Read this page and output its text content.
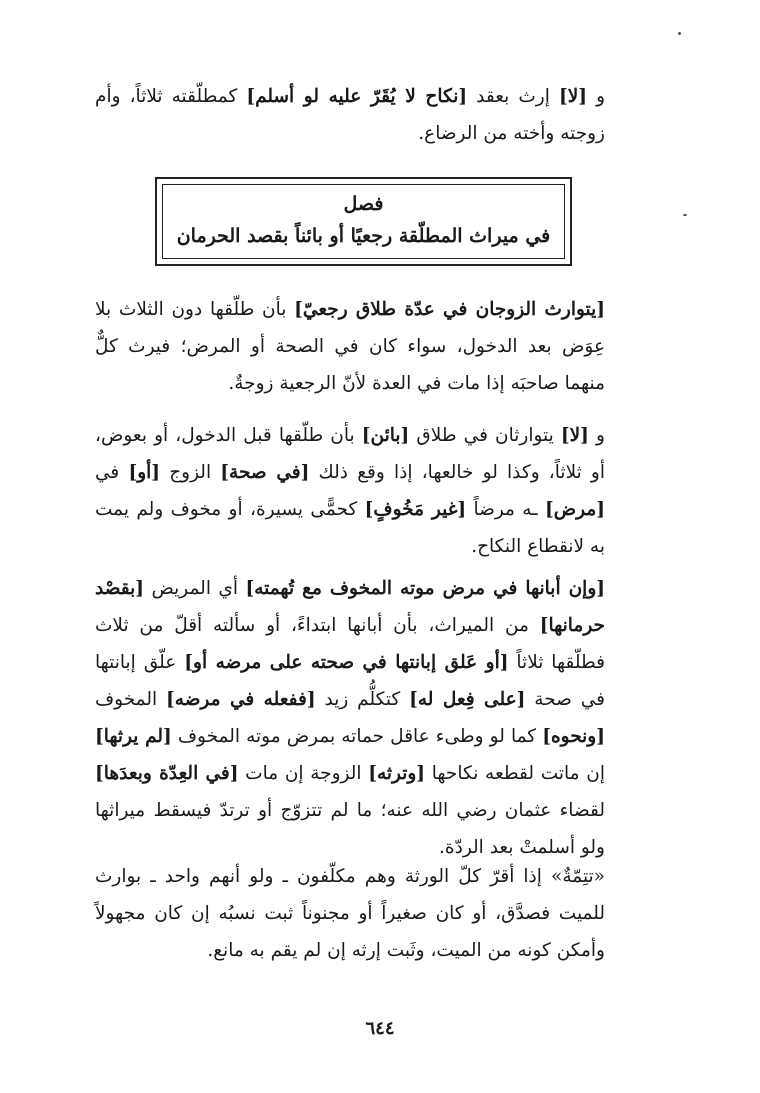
و [لا] إرث بعقد [نكاح لا يُقَرّ عليه لو أسلم] كمطلّقته ثلاثاً، وأم زوجته وأخته من الرضاع.
فصل
في ميراث المطلّقة رجعيًا أو بائناً بقصد الحرمان
[يتوارث الزوجان في عدّة طلاق رجعيّ] بأن طلّقها دون الثلاث بلا عِوَض بعد الدخول، سواء كان في الصحة أو المرض؛ فيرث كلٌّ منهما صاحبَه إذا مات في العدة لأنّ الرجعية زوجةٌ.
و [لا] يتوارثان في طلاق [بائن] بأن طلّقها قبل الدخول، أو بعوض، أو ثلاثاً، وكذا لو خالعها، إذا وقع ذلك [في صحة] الزوج [أو] في [مرض] ـه مرضاً [غير مَخُوفٍ] كحمًّى يسيرة، أو مخوف ولم يمت به لانقطاع النكاح.
[وإن أبانها في مرض موته المخوف مع تُهمته] أي المريض [بقصْد حرمانها] من الميراث، بأن أبانها ابتداءً، أو سألته أقلّ من ثلاث فطلّقها ثلاثاً [أو عَلق إبانتها في صحته على مرضه أو] علّق إبانتها في صحة [على فِعل له] كتكلُّم زيد [ففعله في مرضه] المخوف [ونحوه] كما لو وطىء عاقل حماته بمرض موته المخوف [لم يرثها] إن ماتت لقطعه نكاحها [وترثه] الزوجة إن مات [في العِدّة وبعدَها] لقضاء عثمان رضي الله عنه؛ ما لم تتزوّج أو ترتدّ فيسقط ميراثها ولو أسلمتْ بعد الردّة.
«تتِمّةٌ» إذا أقرّ كلّ الورثة وهم مكلّفون ـ ولو أنهم واحد ـ بوارث للميت فصدَّق، أو كان صغيراً أو مجنوناً ثبت نسبُه إن كان مجهولاً وأمكن كونه من الميت، وثَبت إرثه إن لم يقم به مانع.
٦٤٤
